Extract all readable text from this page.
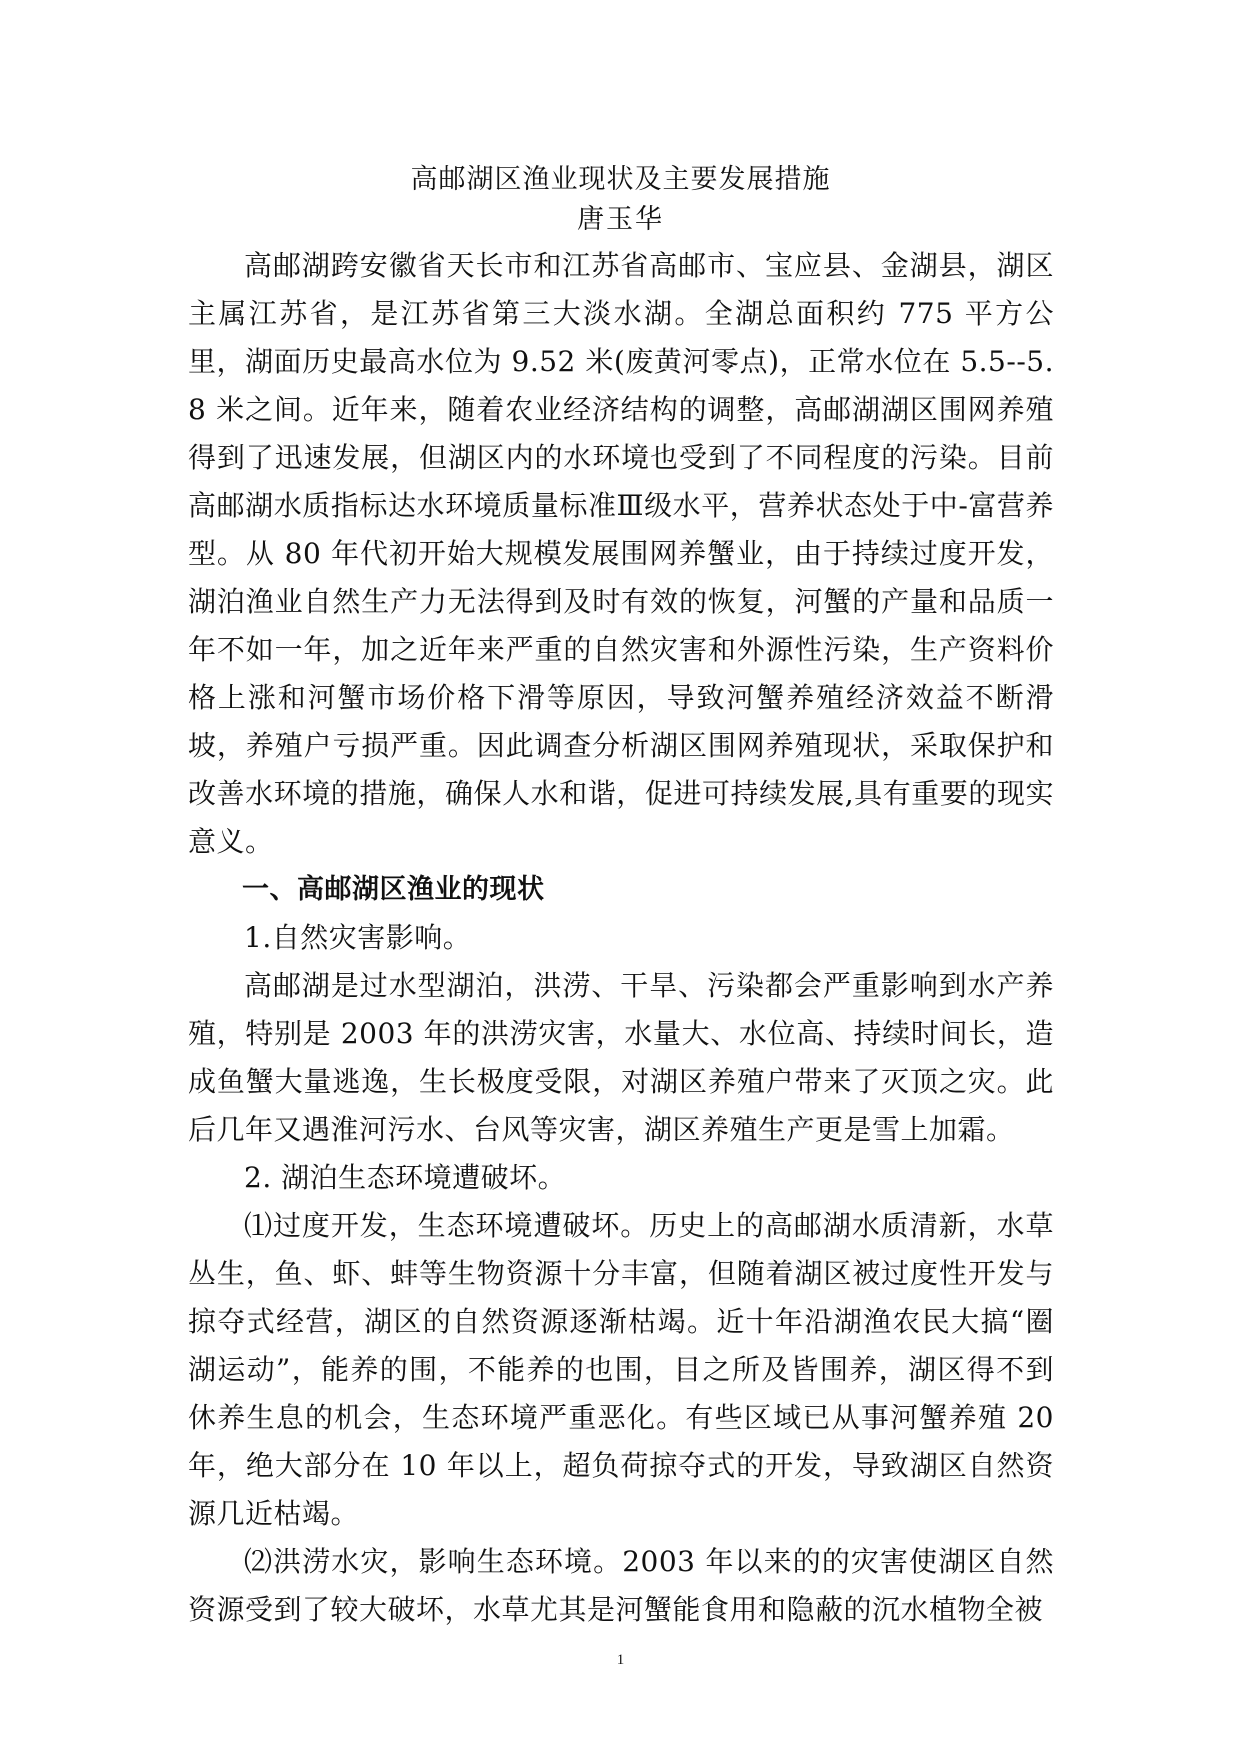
高邮湖区渔业现状及主要发展措施
唐玉华

高邮湖跨安徽省天长市和江苏省高邮市、宝应县、金湖县，湖区主属江苏省，是江苏省第三大淡水湖。全湖总面积约 775 平方公里，湖面历史最高水位为 9.52 米(废黄河零点)，正常水位在 5.5--5.8 米之间。近年来，随着农业经济结构的调整，高邮湖湖区围网养殖得到了迅速发展，但湖区内的水环境也受到了不同程度的污染。目前高邮湖水质指标达水环境质量标准Ⅲ级水平，营养状态处于中-富营养型。从 80 年代初开始大规模发展围网养蟹业，由于持续过度开发，湖泊渔业自然生产力无法得到及时有效的恢复，河蟹的产量和品质一年不如一年，加之近年来严重的自然灾害和外源性污染，生产资料价格上涨和河蟹市场价格下滑等原因，导致河蟹养殖经济效益不断滑坡，养殖户亏损严重。因此调查分析湖区围网养殖现状，采取保护和改善水环境的措施，确保人水和谐，促进可持续发展,具有重要的现实意义。

一、高邮湖区渔业的现状

1.自然灾害影响。

高邮湖是过水型湖泊，洪涝、干旱、污染都会严重影响到水产养殖，特别是 2003 年的洪涝灾害，水量大、水位高、持续时间长，造成鱼蟹大量逃逸，生长极度受限，对湖区养殖户带来了灭顶之灾。此后几年又遇淮河污水、台风等灾害，湖区养殖生产更是雪上加霜。

2. 湖泊生态环境遭破坏。

⑴过度开发，生态环境遭破坏。历史上的高邮湖水质清新，水草丛生，鱼、虾、蚌等生物资源十分丰富，但随着湖区被过度性开发与掠夺式经营，湖区的自然资源逐渐枯竭。近十年沿湖渔农民大搞“圈湖运动”，能养的围，不能养的也围，目之所及皆围养，湖区得不到休养生息的机会，生态环境严重恶化。有些区域已从事河蟹养殖 20 年，绝大部分在 10 年以上，超负荷掠夺式的开发，导致湖区自然资源几近枯竭。

⑵洪涝水灾，影响生态环境。2003 年以来的的灾害使湖区自然资源受到了较大破坏，水草尤其是河蟹能食用和隐蔽的沉水植物全被

1
